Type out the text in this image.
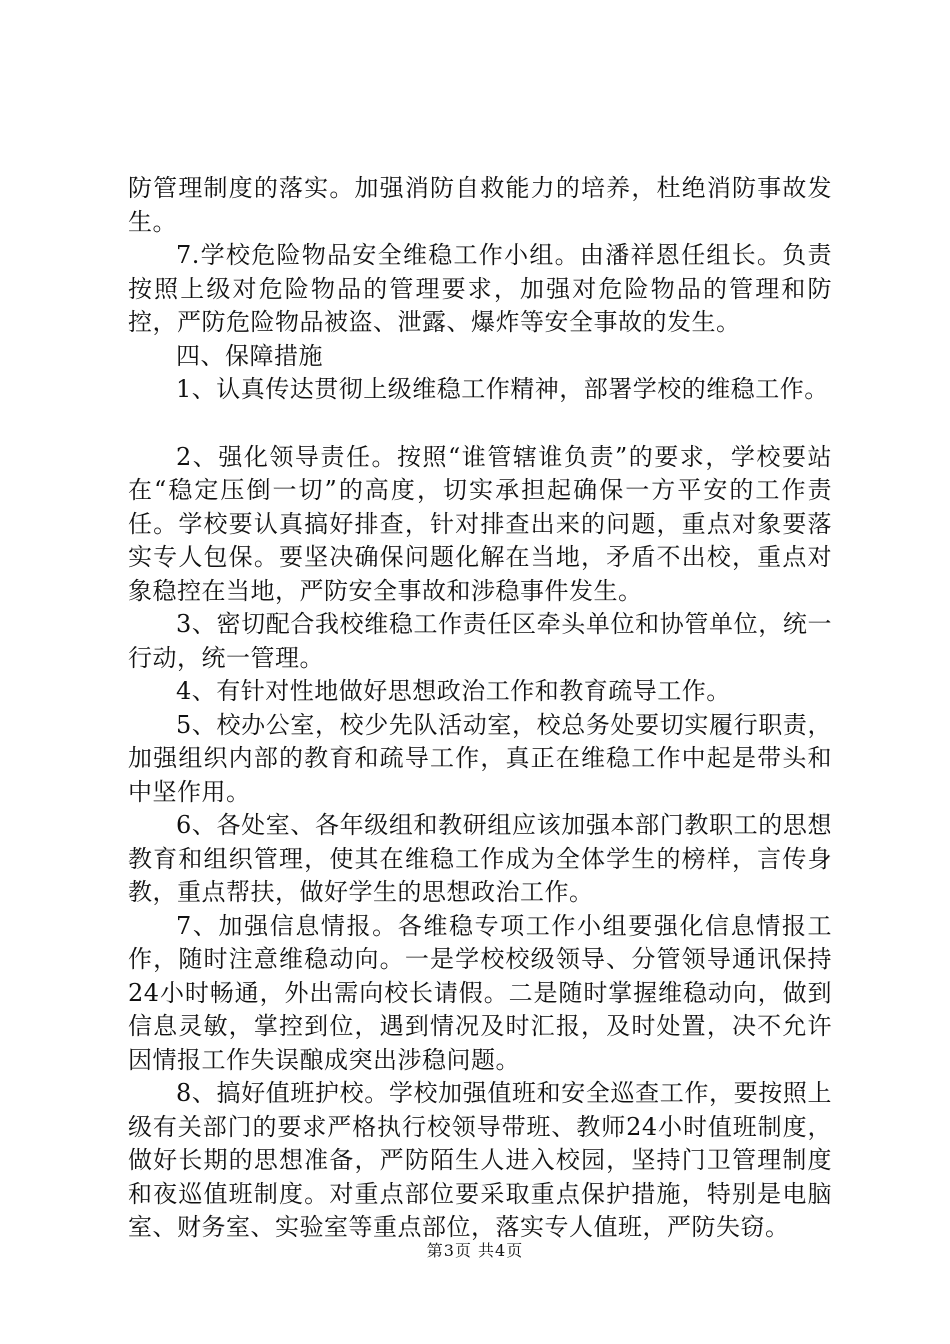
防管理制度的落实。加强消防自救能力的培养，杜绝消防事故发生。

7.学校危险物品安全维稳工作小组。由潘祥恩任组长。负责按照上级对危险物品的管理要求，加强对危险物品的管理和防控，严防危险物品被盗、泄露、爆炸等安全事故的发生。

四、保障措施

1、认真传达贯彻上级维稳工作精神，部署学校的维稳工作。

2、强化领导责任。按照“谁管辖谁负责”的要求，学校要站在“稳定压倒一切”的高度，切实承担起确保一方平安的工作责任。学校要认真搞好排查，针对排查出来的问题，重点对象要落实专人包保。要坚决确保问题化解在当地，矛盾不出校，重点对象稳控在当地，严防安全事故和涉稳事件发生。

3、密切配合我校维稳工作责任区牵头单位和协管单位，统一行动，统一管理。

4、有针对性地做好思想政治工作和教育疏导工作。

5、校办公室，校少先队活动室，校总务处要切实履行职责，加强组织内部的教育和疏导工作，真正在维稳工作中起是带头和中坚作用。

6、各处室、各年级组和教研组应该加强本部门教职工的思想教育和组织管理，使其在维稳工作成为全体学生的榜样，言传身教，重点帮扶，做好学生的思想政治工作。

7、加强信息情报。各维稳专项工作小组要强化信息情报工作，随时注意维稳动向。一是学校校级领导、分管领导通讯保持24小时畅通，外出需向校长请假。二是随时掌握维稳动向，做到信息灵敏，掌控到位，遇到情况及时汇报，及时处置，决不允许因情报工作失误酿成突出涉稳问题。

8、搞好值班护校。学校加强值班和安全巡查工作，要按照上级有关部门的要求严格执行校领导带班、教师24小时值班制度，做好长期的思想准备，严防陌生人进入校园，坚持门卫管理制度和夜巡值班制度。对重点部位要采取重点保护措施，特别是电脑室、财务室、实验室等重点部位，落实专人值班，严防失窃。

第3页 共4页
